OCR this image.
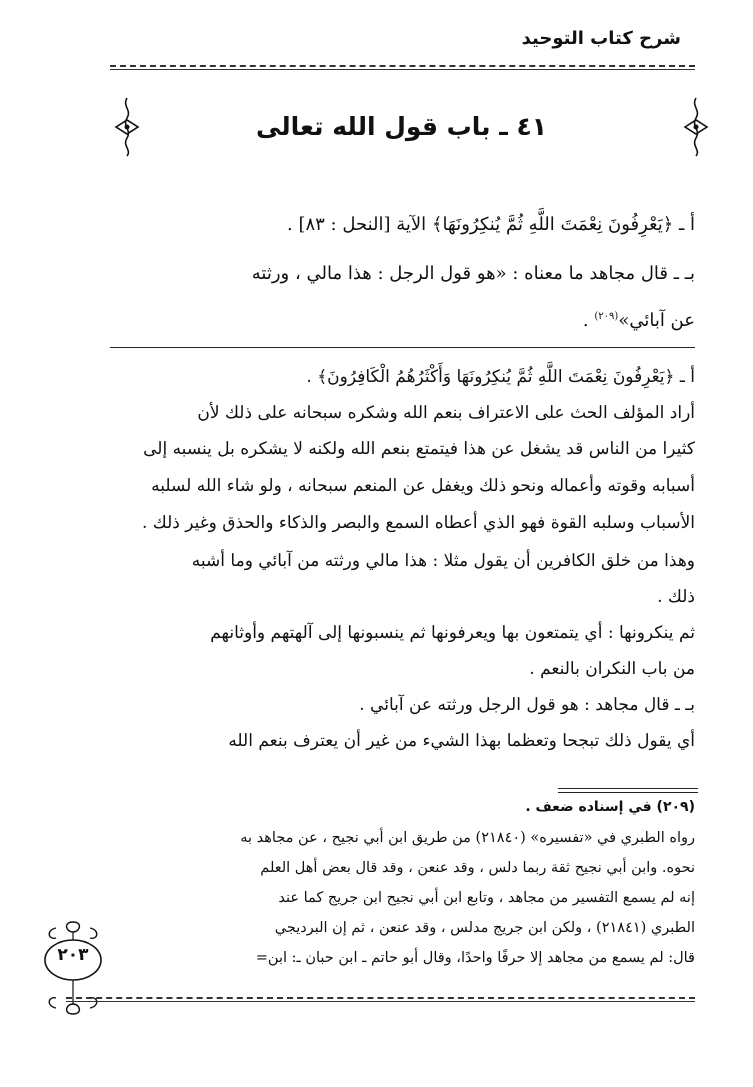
شرح كتاب التوحيد
٤١ ـ باب قول الله تعالى
أ ـ ﴿يَعْرِفُونَ نِعْمَتَ اللَّهِ ثُمَّ يُنكِرُونَهَا﴾ الآية [النحل : ٨٣] .
بـ ـ قال مجاهد ما معناه : «هو قول الرجل : هذا مالي ، ورثته
عن آبائي»$^{(٢٠٩)}$ .
أ ـ ﴿يَعْرِفُونَ نِعْمَتَ اللَّهِ ثُمَّ يُنكِرُونَهَا وَأَكْثَرُهُمُ الْكَافِرُونَ﴾ .
أراد المؤلف الحث على الاعتراف بنعم الله وشكره سبحانه على ذلك لأن
كثيرا من الناس قد يشغل عن هذا فيتمتع بنعم الله ولكنه لا يشكره بل ينسبه إلى
أسبابه وقوته وأعماله ونحو ذلك ويغفل عن المنعم سبحانه ، ولو شاء الله لسلبه
الأسباب وسلبه القوة فهو الذي أعطاه السمع والبصر والذكاء والحذق وغير ذلك .
وهذا من خلق الكافرين أن يقول مثلا : هذا مالي ورثته من آبائي وما أشبه
ذلك .
ثم ينكرونها : أي يتمتعون بها ويعرفونها ثم ينسبونها إلى آلهتهم وأوثانهم
من باب النكران بالنعم .
بـ ـ قال مجاهد : هو قول الرجل ورثته عن آبائي .
أي يقول ذلك تبجحا وتعظما بهذا الشيء من غير أن يعترف بنعم الله
(٢٠٩) في إسناده ضعف .
رواه الطبري في «تفسيره» (٢١٨٤٠) من طريق ابن أبي نجيح ، عن مجاهد به
نحوه. وابن أبي نجيح ثقة ربما دلس ، وقد عنعن ، وقد قال بعض أهل العلم
إنه لم يسمع التفسير من مجاهد ، وتابع ابن أبي نجيح ابن جريج كما عند
الطبري (٢١٨٤١) ، ولكن ابن جريج مدلس ، وقد عنعن ، ثم إن البرديجي
قال: لم يسمع من مجاهد إلا حرفًا واحدًا، وقال أبو حاتم ـ ابن حبان ـ: ابن=
٢٠٣
